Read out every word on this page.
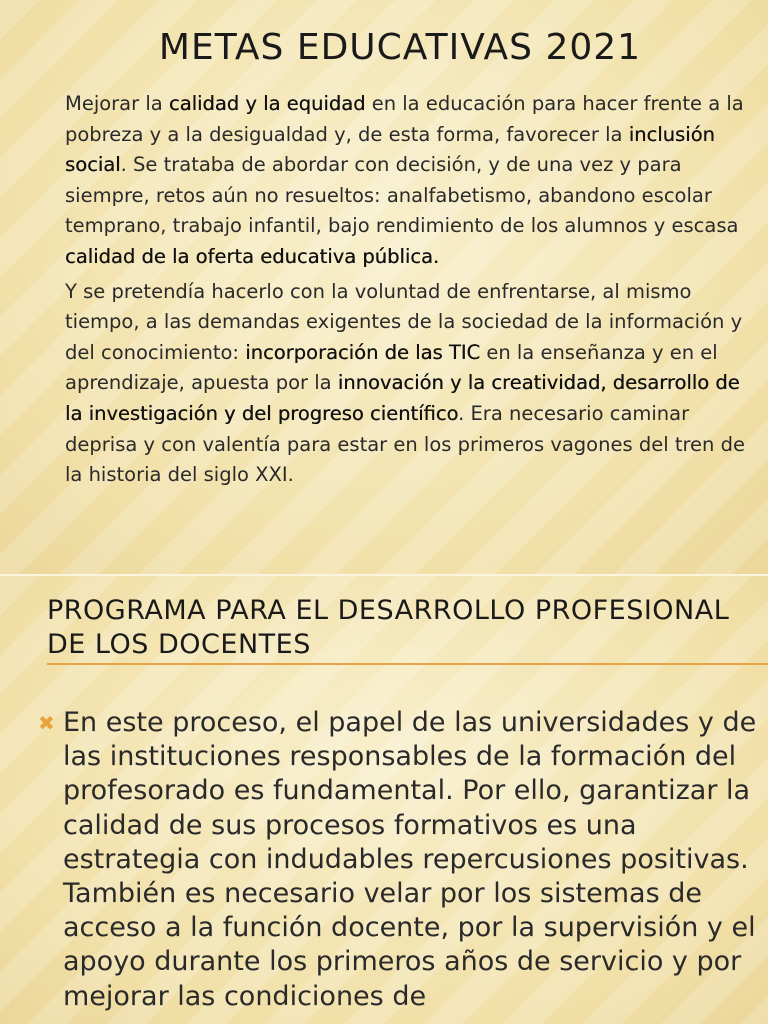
METAS EDUCATIVAS 2021

Mejorar la calidad y la equidad en la educación para hacer frente a la pobreza y a la desigualdad y, de esta forma, favorecer la inclusión social. Se trataba de abordar con decisión, y de una vez y para siempre, retos aún no resueltos: analfabetismo, abandono escolar temprano, trabajo infantil, bajo rendimiento de los alumnos y escasa calidad de la oferta educativa pública.

Y se pretendía hacerlo con la voluntad de enfrentarse, al mismo tiempo, a las demandas exigentes de la sociedad de la información y del conocimiento: incorporación de las TIC en la enseñanza y en el aprendizaje, apuesta por la innovación y la creatividad, desarrollo de la investigación y del progreso científico. Era necesario caminar deprisa y con valentía para estar en los primeros vagones del tren de la historia del siglo XXI.

PROGRAMA PARA EL DESARROLLO PROFESIONAL DE LOS DOCENTES
✖ En este proceso, el papel de las universidades y de las instituciones responsables de la formación del profesorado es fundamental. Por ello, garantizar la calidad de sus procesos formativos es una estrategia con indudables repercusiones positivas. También es necesario velar por los sistemas de acceso a la función docente, por la supervisión y el apoyo durante los primeros años de servicio y por mejorar las condiciones de
